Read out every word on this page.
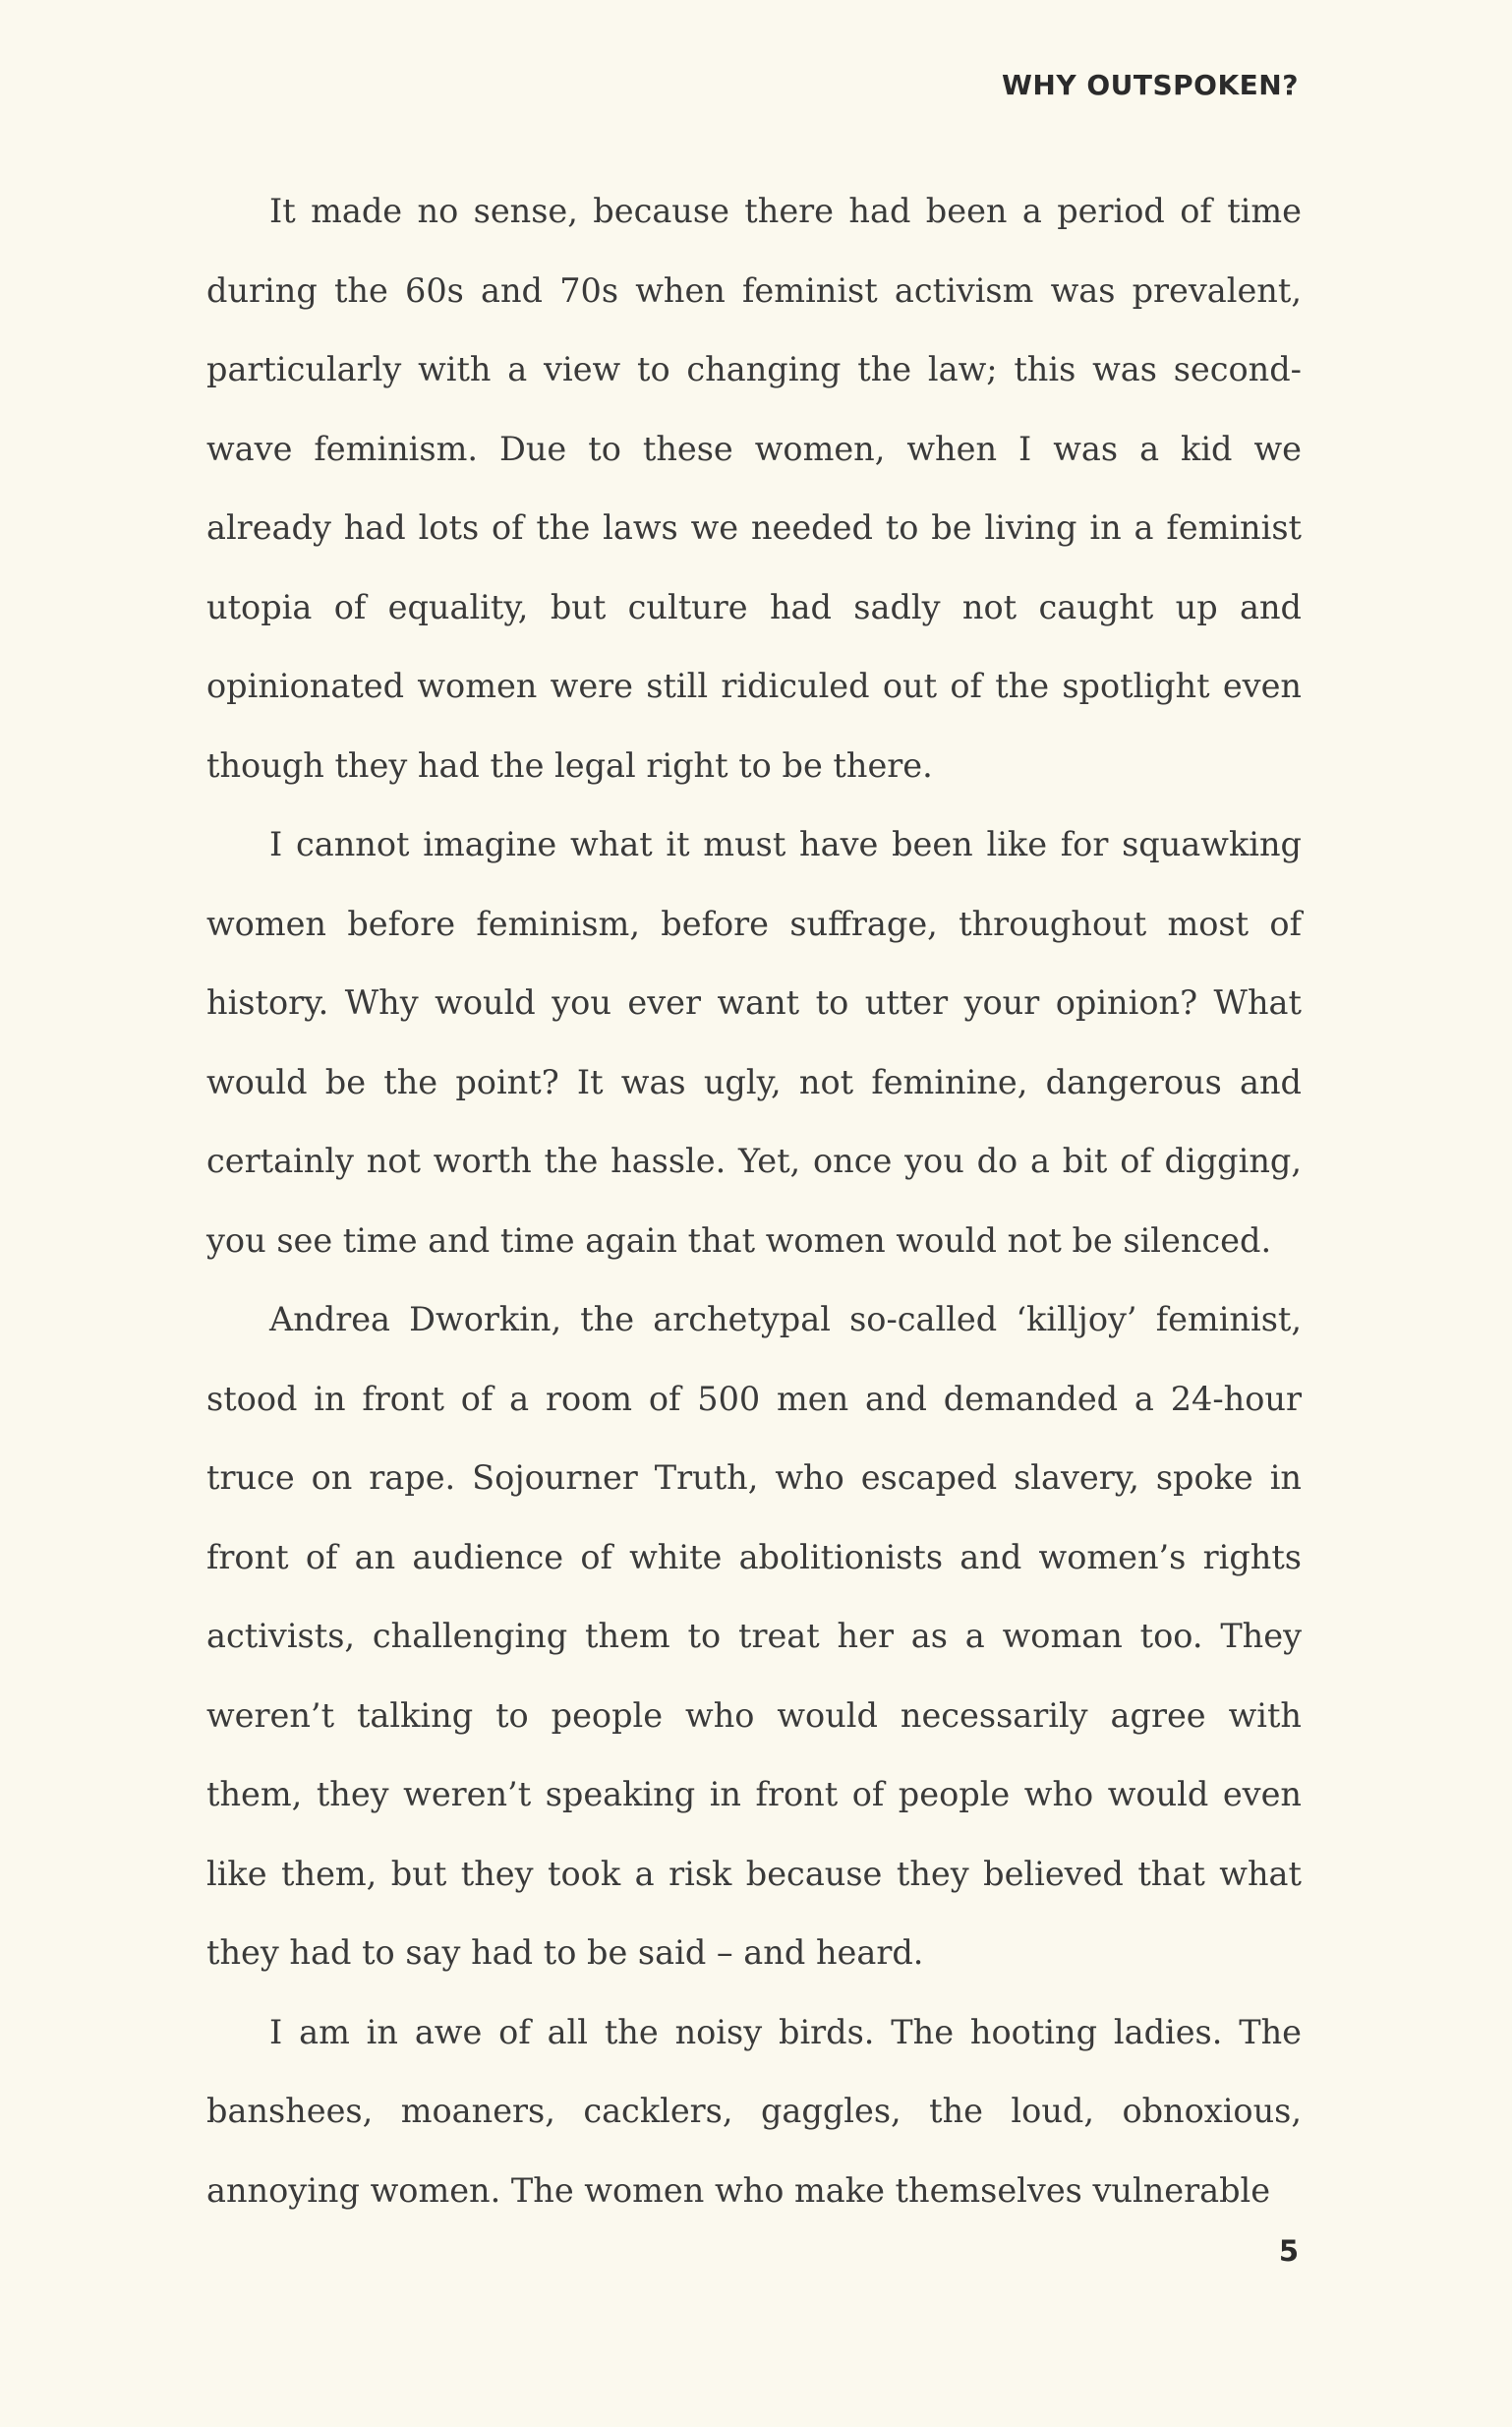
WHY OUTSPOKEN?

It made no sense, because there had been a period of time during the 60s and 70s when feminist activism was prevalent, particularly with a view to changing the law; this was second-wave feminism. Due to these women, when I was a kid we already had lots of the laws we needed to be living in a feminist utopia of equality, but culture had sadly not caught up and opinionated women were still ridiculed out of the spotlight even though they had the legal right to be there.

I cannot imagine what it must have been like for squawking women before feminism, before suffrage, throughout most of history. Why would you ever want to utter your opinion? What would be the point? It was ugly, not feminine, dangerous and certainly not worth the hassle. Yet, once you do a bit of digging, you see time and time again that women would not be silenced.

Andrea Dworkin, the archetypal so-called ‘killjoy’ feminist, stood in front of a room of 500 men and demanded a 24-hour truce on rape. Sojourner Truth, who escaped slavery, spoke in front of an audience of white abolitionists and women’s rights activists, challenging them to treat her as a woman too. They weren’t talking to people who would necessarily agree with them, they weren’t speaking in front of people who would even like them, but they took a risk because they believed that what they had to say had to be said – and heard.

I am in awe of all the noisy birds. The hooting ladies. The banshees, moaners, cacklers, gaggles, the loud, obnoxious, annoying women. The women who make themselves vulnerable

5
